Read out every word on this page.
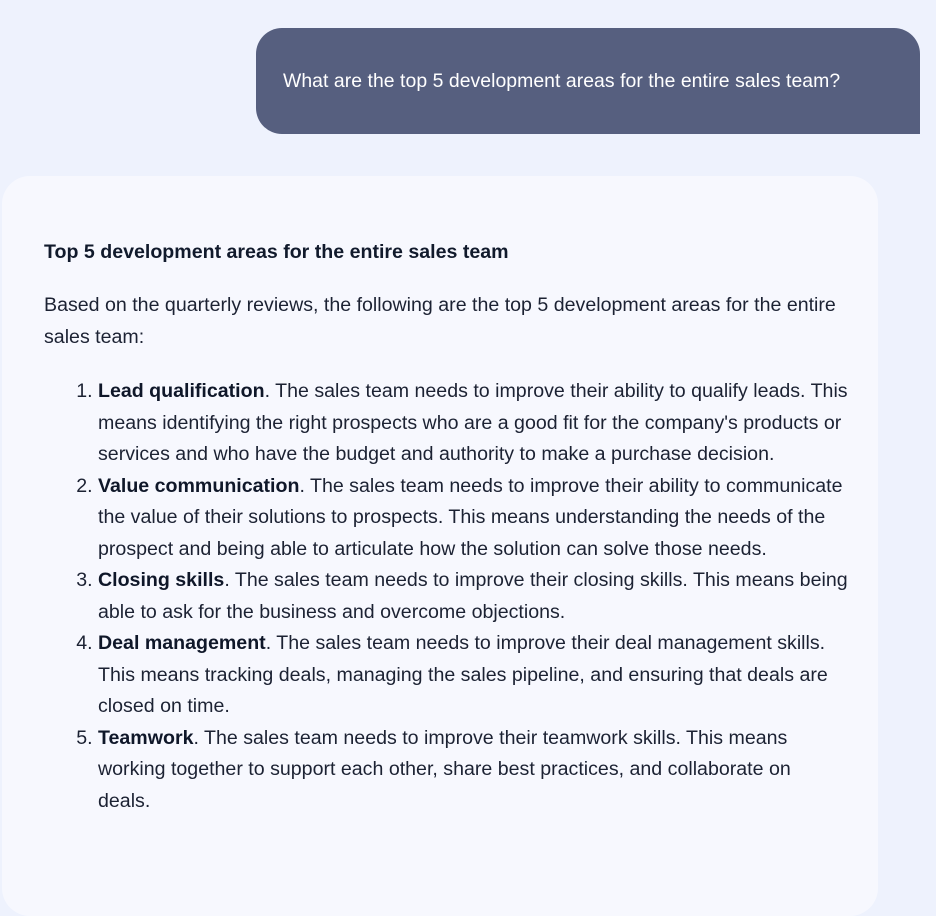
What are the top 5 development areas for the entire sales team?

Top 5 development areas for the entire sales team

Based on the quarterly reviews, the following are the top 5 development areas for the entire sales team:

1. Lead qualification. The sales team needs to improve their ability to qualify leads. This means identifying the right prospects who are a good fit for the company's products or services and who have the budget and authority to make a purchase decision.
2. Value communication. The sales team needs to improve their ability to communicate the value of their solutions to prospects. This means understanding the needs of the prospect and being able to articulate how the solution can solve those needs.
3. Closing skills. The sales team needs to improve their closing skills. This means being able to ask for the business and overcome objections.
4. Deal management. The sales team needs to improve their deal management skills. This means tracking deals, managing the sales pipeline, and ensuring that deals are closed on time.
5. Teamwork. The sales team needs to improve their teamwork skills. This means working together to support each other, share best practices, and collaborate on deals.
